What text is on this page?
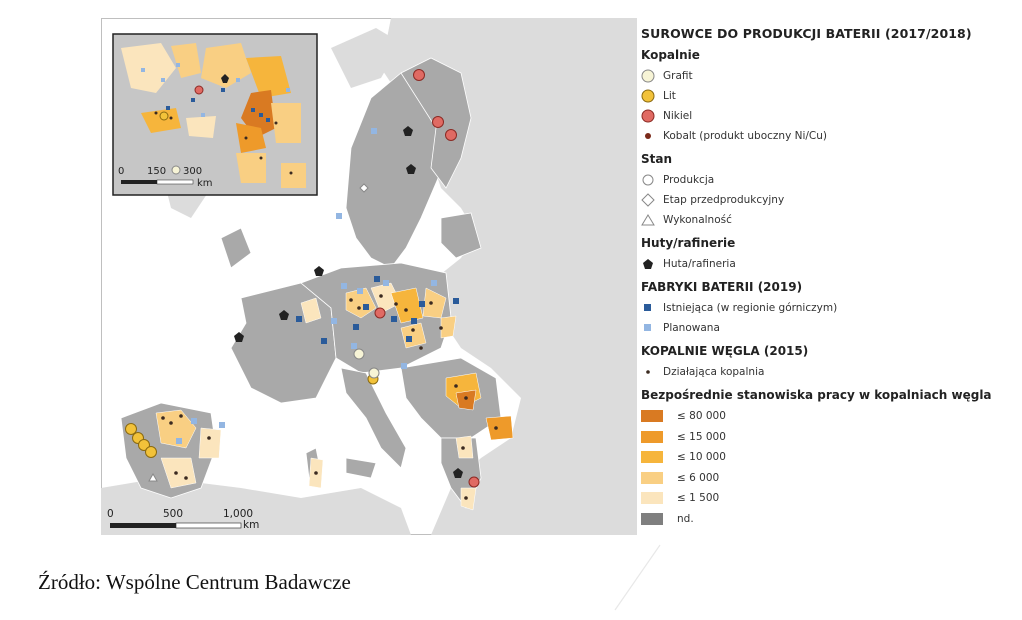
0 150 300
km
0	500	1,000
km
SUROWCE DO PRODUKCJI BATERII (2017/2018)
Kopalnie
Grafit
Lit
Nikiel
Kobalt (produkt uboczny Ni/Cu)
Stan
Produkcja
Etap przedprodukcyjny
Wykonalność
Huty/rafinerie
Huta/rafineria
FABRYKI BATERII (2019)
Istniejąca (w regionie górniczym)
Planowana
KOPALNIE WĘGLA (2015)
Działająca kopalnia
Bezpośrednie stanowiska pracy w kopalniach węgla
≤ 80 000
≤ 15 000
≤ 10 000
≤ 6 000
≤ 1 500
nd.
Źródło: Wspólne Centrum Badawcze
